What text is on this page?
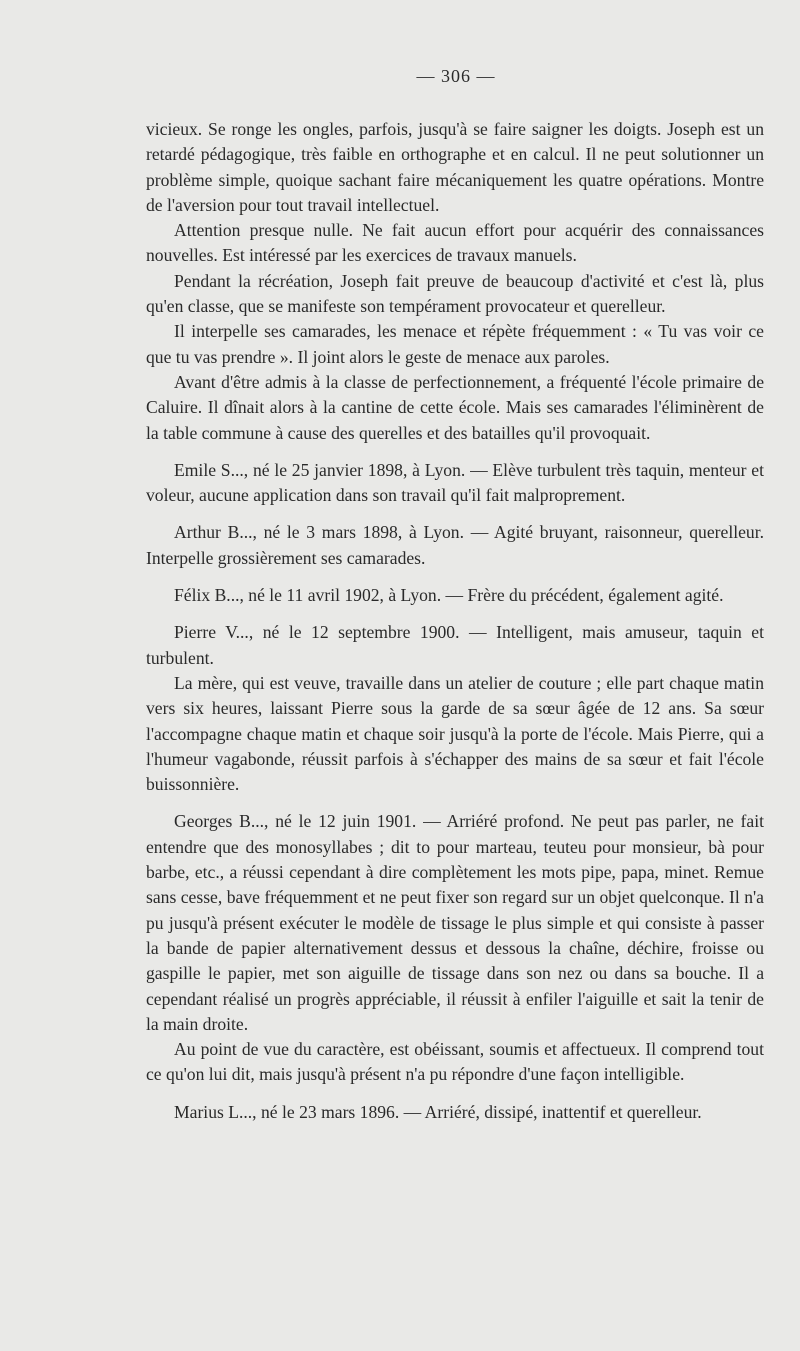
— 306 —

vicieux. Se ronge les ongles, parfois, jusqu'à se faire saigner les doigts. Joseph est un retardé pédagogique, très faible en orthographe et en calcul. Il ne peut solutionner un problème simple, quoique sachant faire mécaniquement les quatre opérations. Montre de l'aversion pour tout travail intellectuel.

Attention presque nulle. Ne fait aucun effort pour acquérir des connaissances nouvelles. Est intéressé par les exercices de travaux manuels.

Pendant la récréation, Joseph fait preuve de beaucoup d'activité et c'est là, plus qu'en classe, que se manifeste son tempérament provocateur et querelleur.

Il interpelle ses camarades, les menace et répète fréquemment : « Tu vas voir ce que tu vas prendre ». Il joint alors le geste de menace aux paroles.

Avant d'être admis à la classe de perfectionnement, a fréquenté l'école primaire de Caluire. Il dînait alors à la cantine de cette école. Mais ses camarades l'éliminèrent de la table commune à cause des querelles et des batailles qu'il provoquait.

Emile S..., né le 25 janvier 1898, à Lyon. — Elève turbulent très taquin, menteur et voleur, aucune application dans son travail qu'il fait malproprement.

Arthur B..., né le 3 mars 1898, à Lyon. — Agité bruyant, raisonneur, querelleur. Interpelle grossièrement ses camarades.

Félix B..., né le 11 avril 1902, à Lyon. — Frère du précédent, également agité.

Pierre V..., né le 12 septembre 1900. — Intelligent, mais amuseur, taquin et turbulent.

La mère, qui est veuve, travaille dans un atelier de couture ; elle part chaque matin vers six heures, laissant Pierre sous la garde de sa sœur âgée de 12 ans. Sa sœur l'accompagne chaque matin et chaque soir jusqu'à la porte de l'école. Mais Pierre, qui a l'humeur vagabonde, réussit parfois à s'échapper des mains de sa sœur et fait l'école buissonnière.

Georges B..., né le 12 juin 1901. — Arriéré profond. Ne peut pas parler, ne fait entendre que des monosyllabes ; dit to pour marteau, teuteu pour monsieur, bà pour barbe, etc., a réussi cependant à dire complètement les mots pipe, papa, minet. Remue sans cesse, bave fréquemment et ne peut fixer son regard sur un objet quelconque. Il n'a pu jusqu'à présent exécuter le modèle de tissage le plus simple et qui consiste à passer la bande de papier alternativement dessus et dessous la chaîne, déchire, froisse ou gaspille le papier, met son aiguille de tissage dans son nez ou dans sa bouche. Il a cependant réalisé un progrès appréciable, il réussit à enfiler l'aiguille et sait la tenir de la main droite.

Au point de vue du caractère, est obéissant, soumis et affectueux. Il comprend tout ce qu'on lui dit, mais jusqu'à présent n'a pu répondre d'une façon intelligible.

Marius L..., né le 23 mars 1896. — Arriéré, dissipé, inattentif et querelleur.
